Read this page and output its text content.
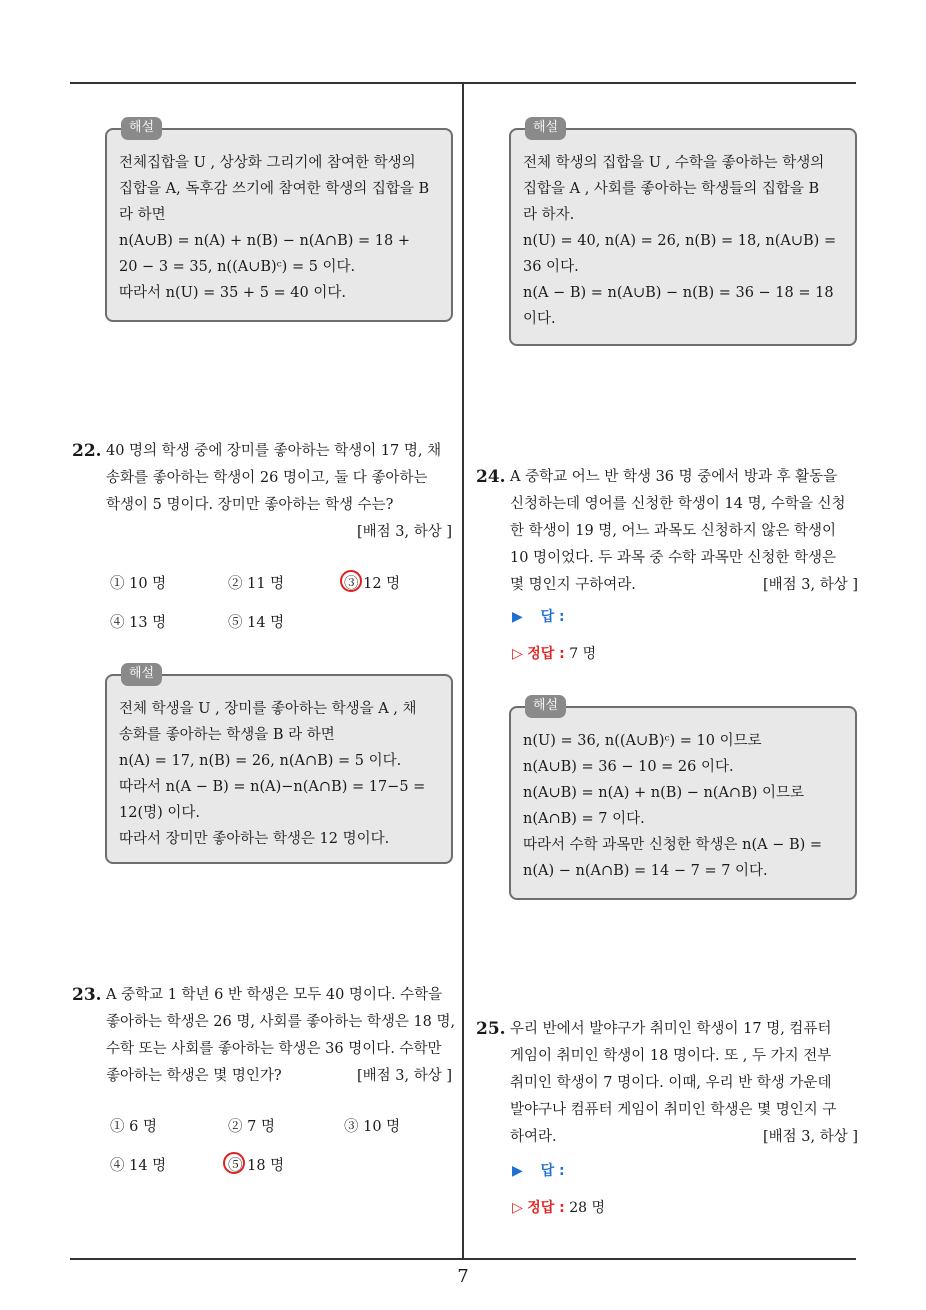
해설
전체집합을 U , 상상화 그리기에 참여한 학생의
집합을 A, 독후감 쓰기에 참여한 학생의 집합을 B
라 하면
n(A∪B) = n(A) + n(B) − n(A∩B) = 18 +
20 − 3 = 35, n((A∪B)ᶜ) = 5 이다.
따라서 n(U) = 35 + 5 = 40 이다.
22. 40 명의 학생 중에 장미를 좋아하는 학생이 17 명, 채
송화를 좋아하는 학생이 26 명이고, 둘 다 좋아하는
학생이 5 명이다. 장미만 좋아하는 학생 수는?
[배점 3, 하상 ]
① 10 명	② 11 명	③ 12 명
④ 13 명	⑤ 14 명
해설
전체 학생을 U , 장미를 좋아하는 학생을 A , 채
송화를 좋아하는 학생을 B 라 하면
n(A) = 17, n(B) = 26, n(A∩B) = 5 이다.
따라서 n(A − B) = n(A)−n(A∩B) = 17−5 =
12(명) 이다.
따라서 장미만 좋아하는 학생은 12 명이다.
23. A 중학교 1 학년 6 반 학생은 모두 40 명이다. 수학을
좋아하는 학생은 26 명, 사회를 좋아하는 학생은 18 명,
수학 또는 사회를 좋아하는 학생은 36 명이다. 수학만
좋아하는 학생은 몇 명인가?	[배점 3, 하상 ]
① 6 명	② 7 명	③ 10 명
④ 14 명	⑤ 18 명
해설
전체 학생의 집합을 U , 수학을 좋아하는 학생의
집합을 A , 사회를 좋아하는 학생들의 집합을 B
라 하자.
n(U) = 40, n(A) = 26, n(B) = 18, n(A∪B) =
36 이다.
n(A − B) = n(A∪B) − n(B) = 36 − 18 = 18
이다.
24. A 중학교 어느 반 학생 36 명 중에서 방과 후 활동을
신청하는데 영어를 신청한 학생이 14 명, 수학을 신청
한 학생이 19 명, 어느 과목도 신청하지 않은 학생이
10 명이었다. 두 과목 중 수학 과목만 신청한 학생은
몇 명인지 구하여라.	[배점 3, 하상 ]
▶ 답 :
▷ 정답 : 7 명
해설
n(U) = 36, n((A∪B)ᶜ) = 10 이므로
n(A∪B) = 36 − 10 = 26 이다.
n(A∪B) = n(A) + n(B) − n(A∩B) 이므로
n(A∩B) = 7 이다.
따라서 수학 과목만 신청한 학생은 n(A − B) =
n(A) − n(A∩B) = 14 − 7 = 7 이다.
25. 우리 반에서 발야구가 취미인 학생이 17 명, 컴퓨터
게임이 취미인 학생이 18 명이다. 또 , 두 가지 전부
취미인 학생이 7 명이다. 이때, 우리 반 학생 가운데
발야구나 컴퓨터 게임이 취미인 학생은 몇 명인지 구
하여라.	[배점 3, 하상 ]
▶ 답 :
▷ 정답 : 28 명
7
